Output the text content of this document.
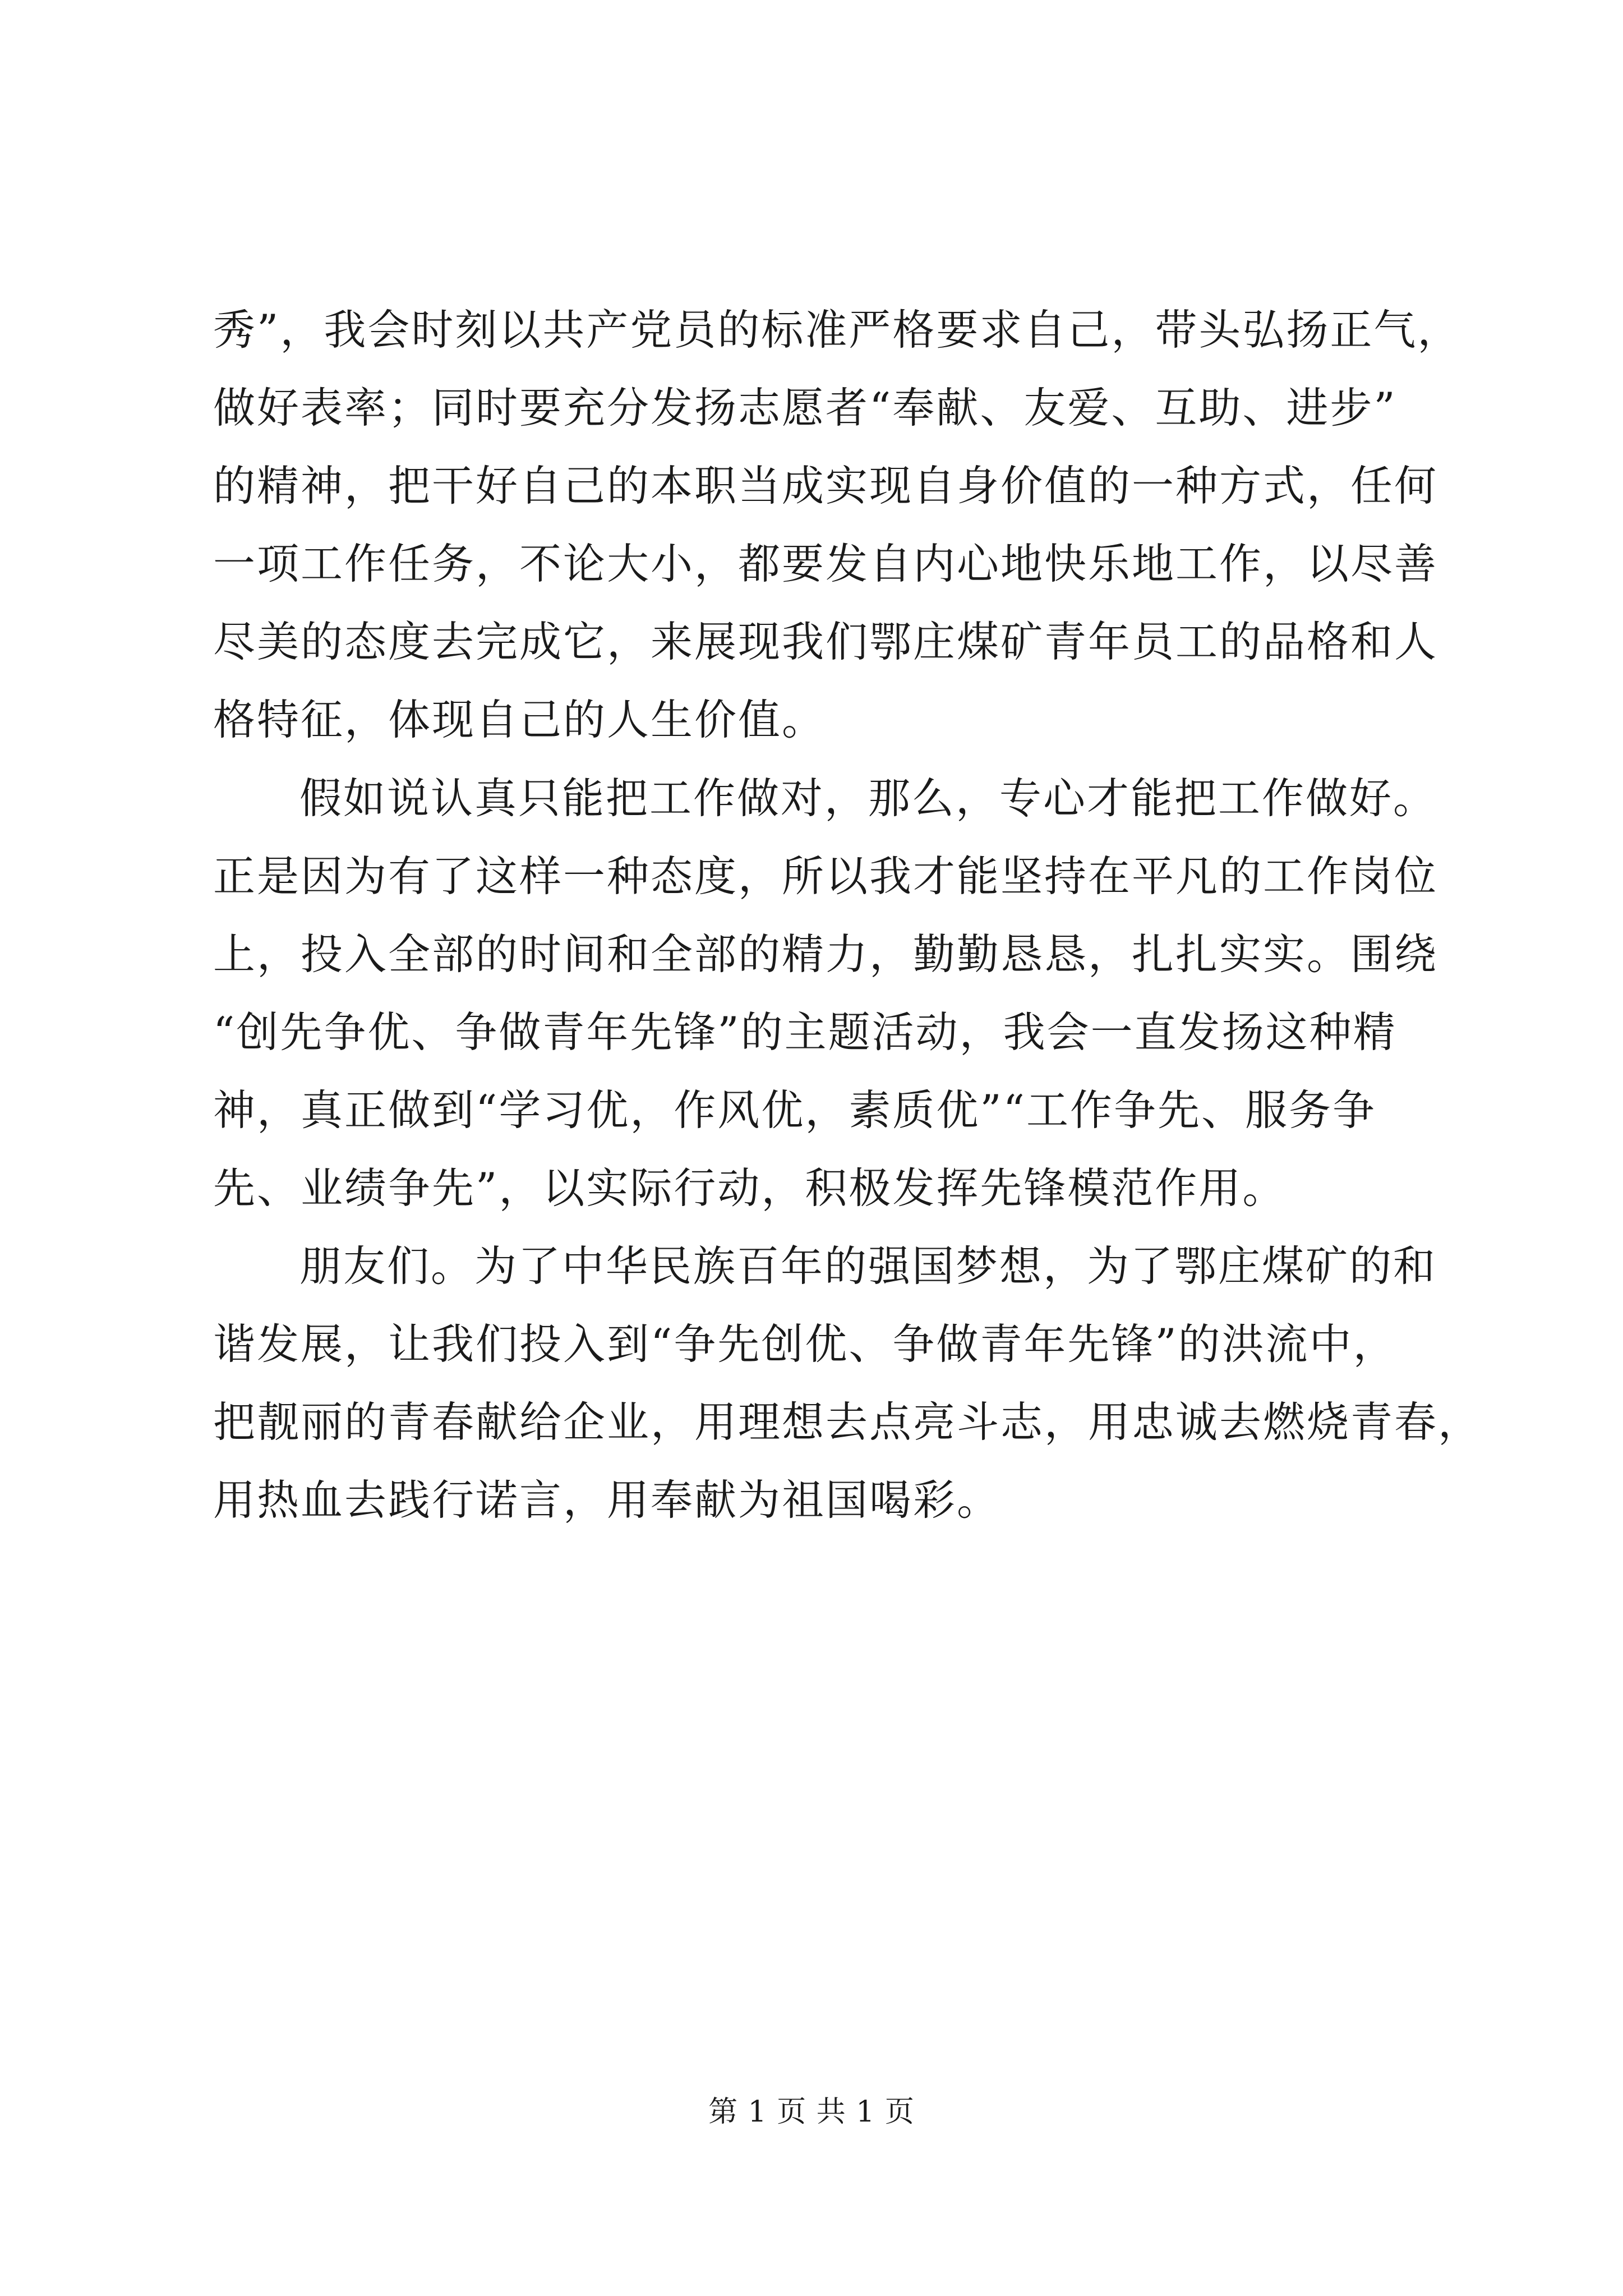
秀”，我会时刻以共产党员的标准严格要求自己，带头弘扬正气，
做好表率；同时要充分发扬志愿者“奉献、友爱、互助、进步”
的精神，把干好自己的本职当成实现自身价值的一种方式，任何
一项工作任务，不论大小，都要发自内心地快乐地工作，以尽善
尽美的态度去完成它，来展现我们鄂庄煤矿青年员工的品格和人
格特征，体现自己的人生价值。
假如说认真只能把工作做对，那么，专心才能把工作做好。
正是因为有了这样一种态度，所以我才能坚持在平凡的工作岗位
上，投入全部的时间和全部的精力，勤勤恳恳，扎扎实实。围绕
“创先争优、争做青年先锋”的主题活动，我会一直发扬这种精
神，真正做到“学习优，作风优，素质优”“工作争先、服务争
先、业绩争先”，以实际行动，积极发挥先锋模范作用。
朋友们。为了中华民族百年的强国梦想，为了鄂庄煤矿的和
谐发展，让我们投入到“争先创优、争做青年先锋”的洪流中，
把靓丽的青春献给企业，用理想去点亮斗志，用忠诚去燃烧青春，
用热血去践行诺言，用奉献为祖国喝彩。
第 1 页 共 1 页
